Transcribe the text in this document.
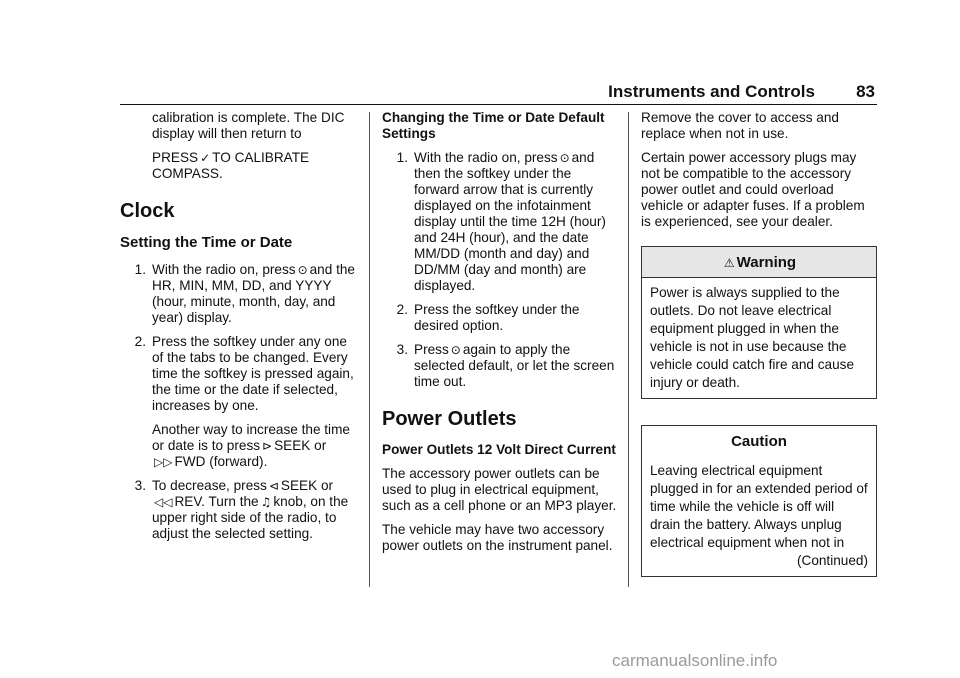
Instruments and Controls 83

calibration is complete. The DIC display will then return to

PRESS ✓ TO CALIBRATE COMPASS.

Clock
Setting the Time or Date
1. With the radio on, press ⊙ and the HR, MIN, MM, DD, and YYYY (hour, minute, month, day, and year) display.

2. Press the softkey under any one of the tabs to be changed. Every time the softkey is pressed again, the time or the date if selected, increases by one.

Another way to increase the time or date is to press ⊳ SEEK or ▷▷ FWD (forward).

3. To decrease, press ⊲ SEEK or ◁◁ REV. Turn the ♫ knob, on the upper right side of the radio, to adjust the selected setting.

Changing the Time or Date Default Settings
1. With the radio on, press ⊙ and then the softkey under the forward arrow that is currently displayed on the infotainment display until the time 12H (hour) and 24H (hour), and the date MM/DD (month and day) and DD/MM (day and month) are displayed.

2. Press the softkey under the desired option.

3. Press ⊙ again to apply the selected default, or let the screen time out.

Power Outlets
Power Outlets 12 Volt Direct Current

The accessory power outlets can be used to plug in electrical equipment, such as a cell phone or an MP3 player.

The vehicle may have two accessory power outlets on the instrument panel.

Remove the cover to access and replace when not in use.

Certain power accessory plugs may not be compatible to the accessory power outlet and could overload vehicle or adapter fuses. If a problem is experienced, see your dealer.

⚠ Warning
Power is always supplied to the outlets. Do not leave electrical equipment plugged in when the vehicle is not in use because the vehicle could catch fire and cause injury or death.
Caution
Leaving electrical equipment plugged in for an extended period of time while the vehicle is off will drain the battery. Always unplug electrical equipment when not in
(Continued)
carmanualsonline.info
